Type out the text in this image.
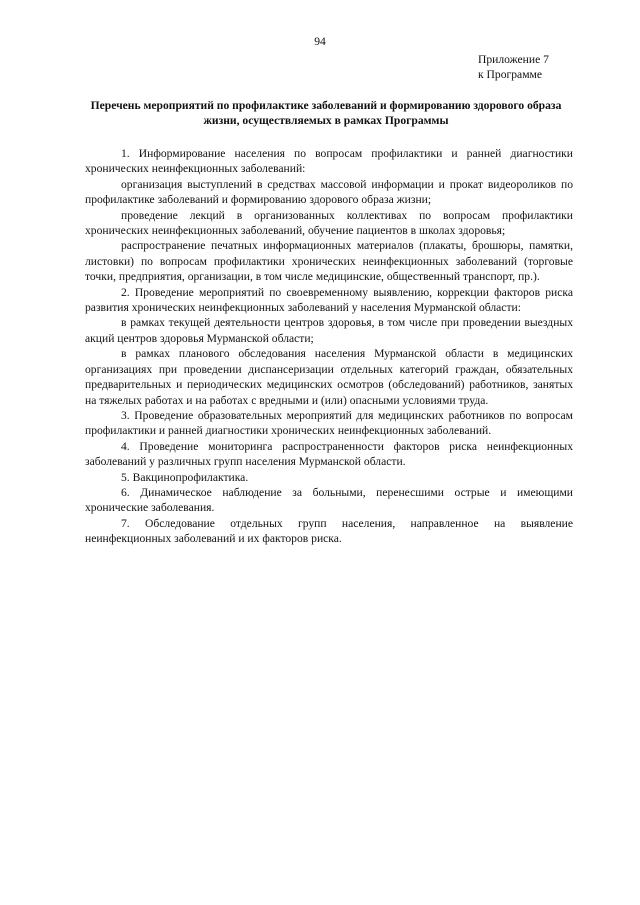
94
Приложение 7
к Программе
Перечень мероприятий по профилактике заболеваний и формированию здорового образа жизни, осуществляемых в рамках Программы

1. Информирование населения по вопросам профилактики и ранней диагностики хронических неинфекционных заболеваний:

организация выступлений в средствах массовой информации и прокат видеороликов по профилактике заболеваний и формированию здорового образа жизни;

проведение лекций в организованных коллективах по вопросам профилактики хронических неинфекционных заболеваний, обучение пациентов в школах здоровья;

распространение печатных информационных материалов (плакаты, брошюры, памятки, листовки) по вопросам профилактики хронических неинфекционных заболеваний (торговые точки, предприятия, организации, в том числе медицинские, общественный транспорт, пр.).

2. Проведение мероприятий по своевременному выявлению, коррекции факторов риска развития хронических неинфекционных заболеваний у населения Мурманской области:

в рамках текущей деятельности центров здоровья, в том числе при проведении выездных акций центров здоровья Мурманской области;

в рамках планового обследования населения Мурманской области в медицинских организациях при проведении диспансеризации отдельных категорий граждан, обязательных предварительных и периодических медицинских осмотров (обследований) работников, занятых на тяжелых работах и на работах с вредными и (или) опасными условиями труда.

3. Проведение образовательных мероприятий для медицинских работников по вопросам профилактики и ранней диагностики хронических неинфекционных заболеваний.

4. Проведение мониторинга распространенности факторов риска неинфекционных заболеваний у различных групп населения Мурманской области.

5. Вакцинопрофилактика.

6. Динамическое наблюдение за больными, перенесшими острые и имеющими хронические заболевания.

7. Обследование отдельных групп населения, направленное на выявление неинфекционных заболеваний и их факторов риска.
